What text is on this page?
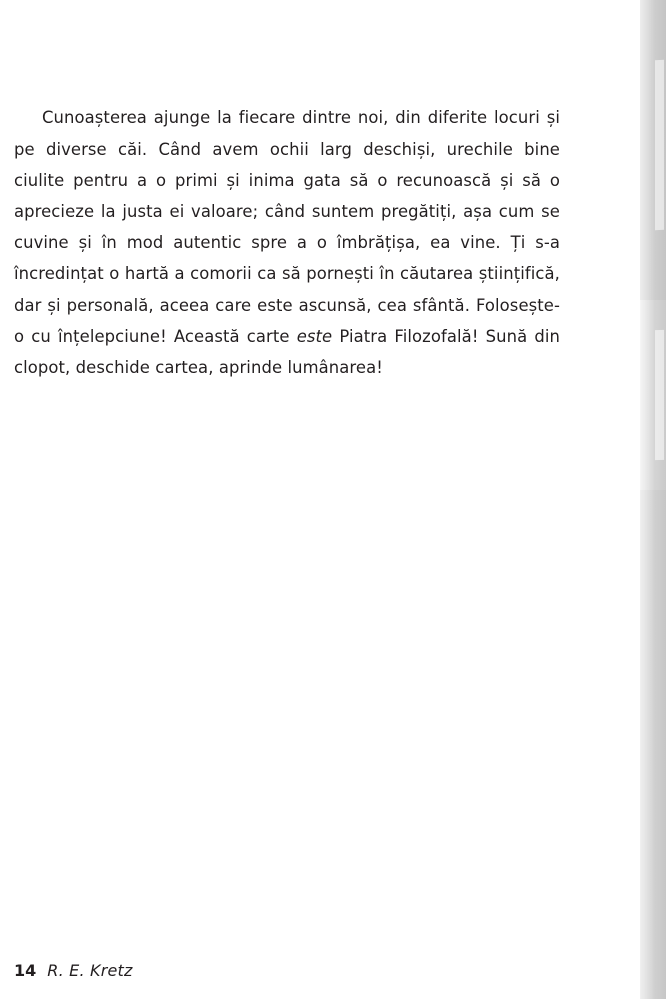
Cunoașterea ajunge la fiecare dintre noi, din diferite locuri și pe diverse căi. Când avem ochii larg deschiși, urechile bine ciulite pentru a o primi și inima gata să o recunoască și să o aprecieze la justa ei valoare; când suntem pregătiți, așa cum se cuvine și în mod autentic spre a o îmbrățișa, ea vine. Ți s-a încredințat o hartă a comorii ca să pornești în căutarea științifică, dar și personală, aceea care este ascunsă, cea sfântă. Folosește-o cu înțelepciune! Această carte este Piatra Filozofală! Sună din clopot, deschide cartea, aprinde lumânarea!

14 R. E. Kretz
